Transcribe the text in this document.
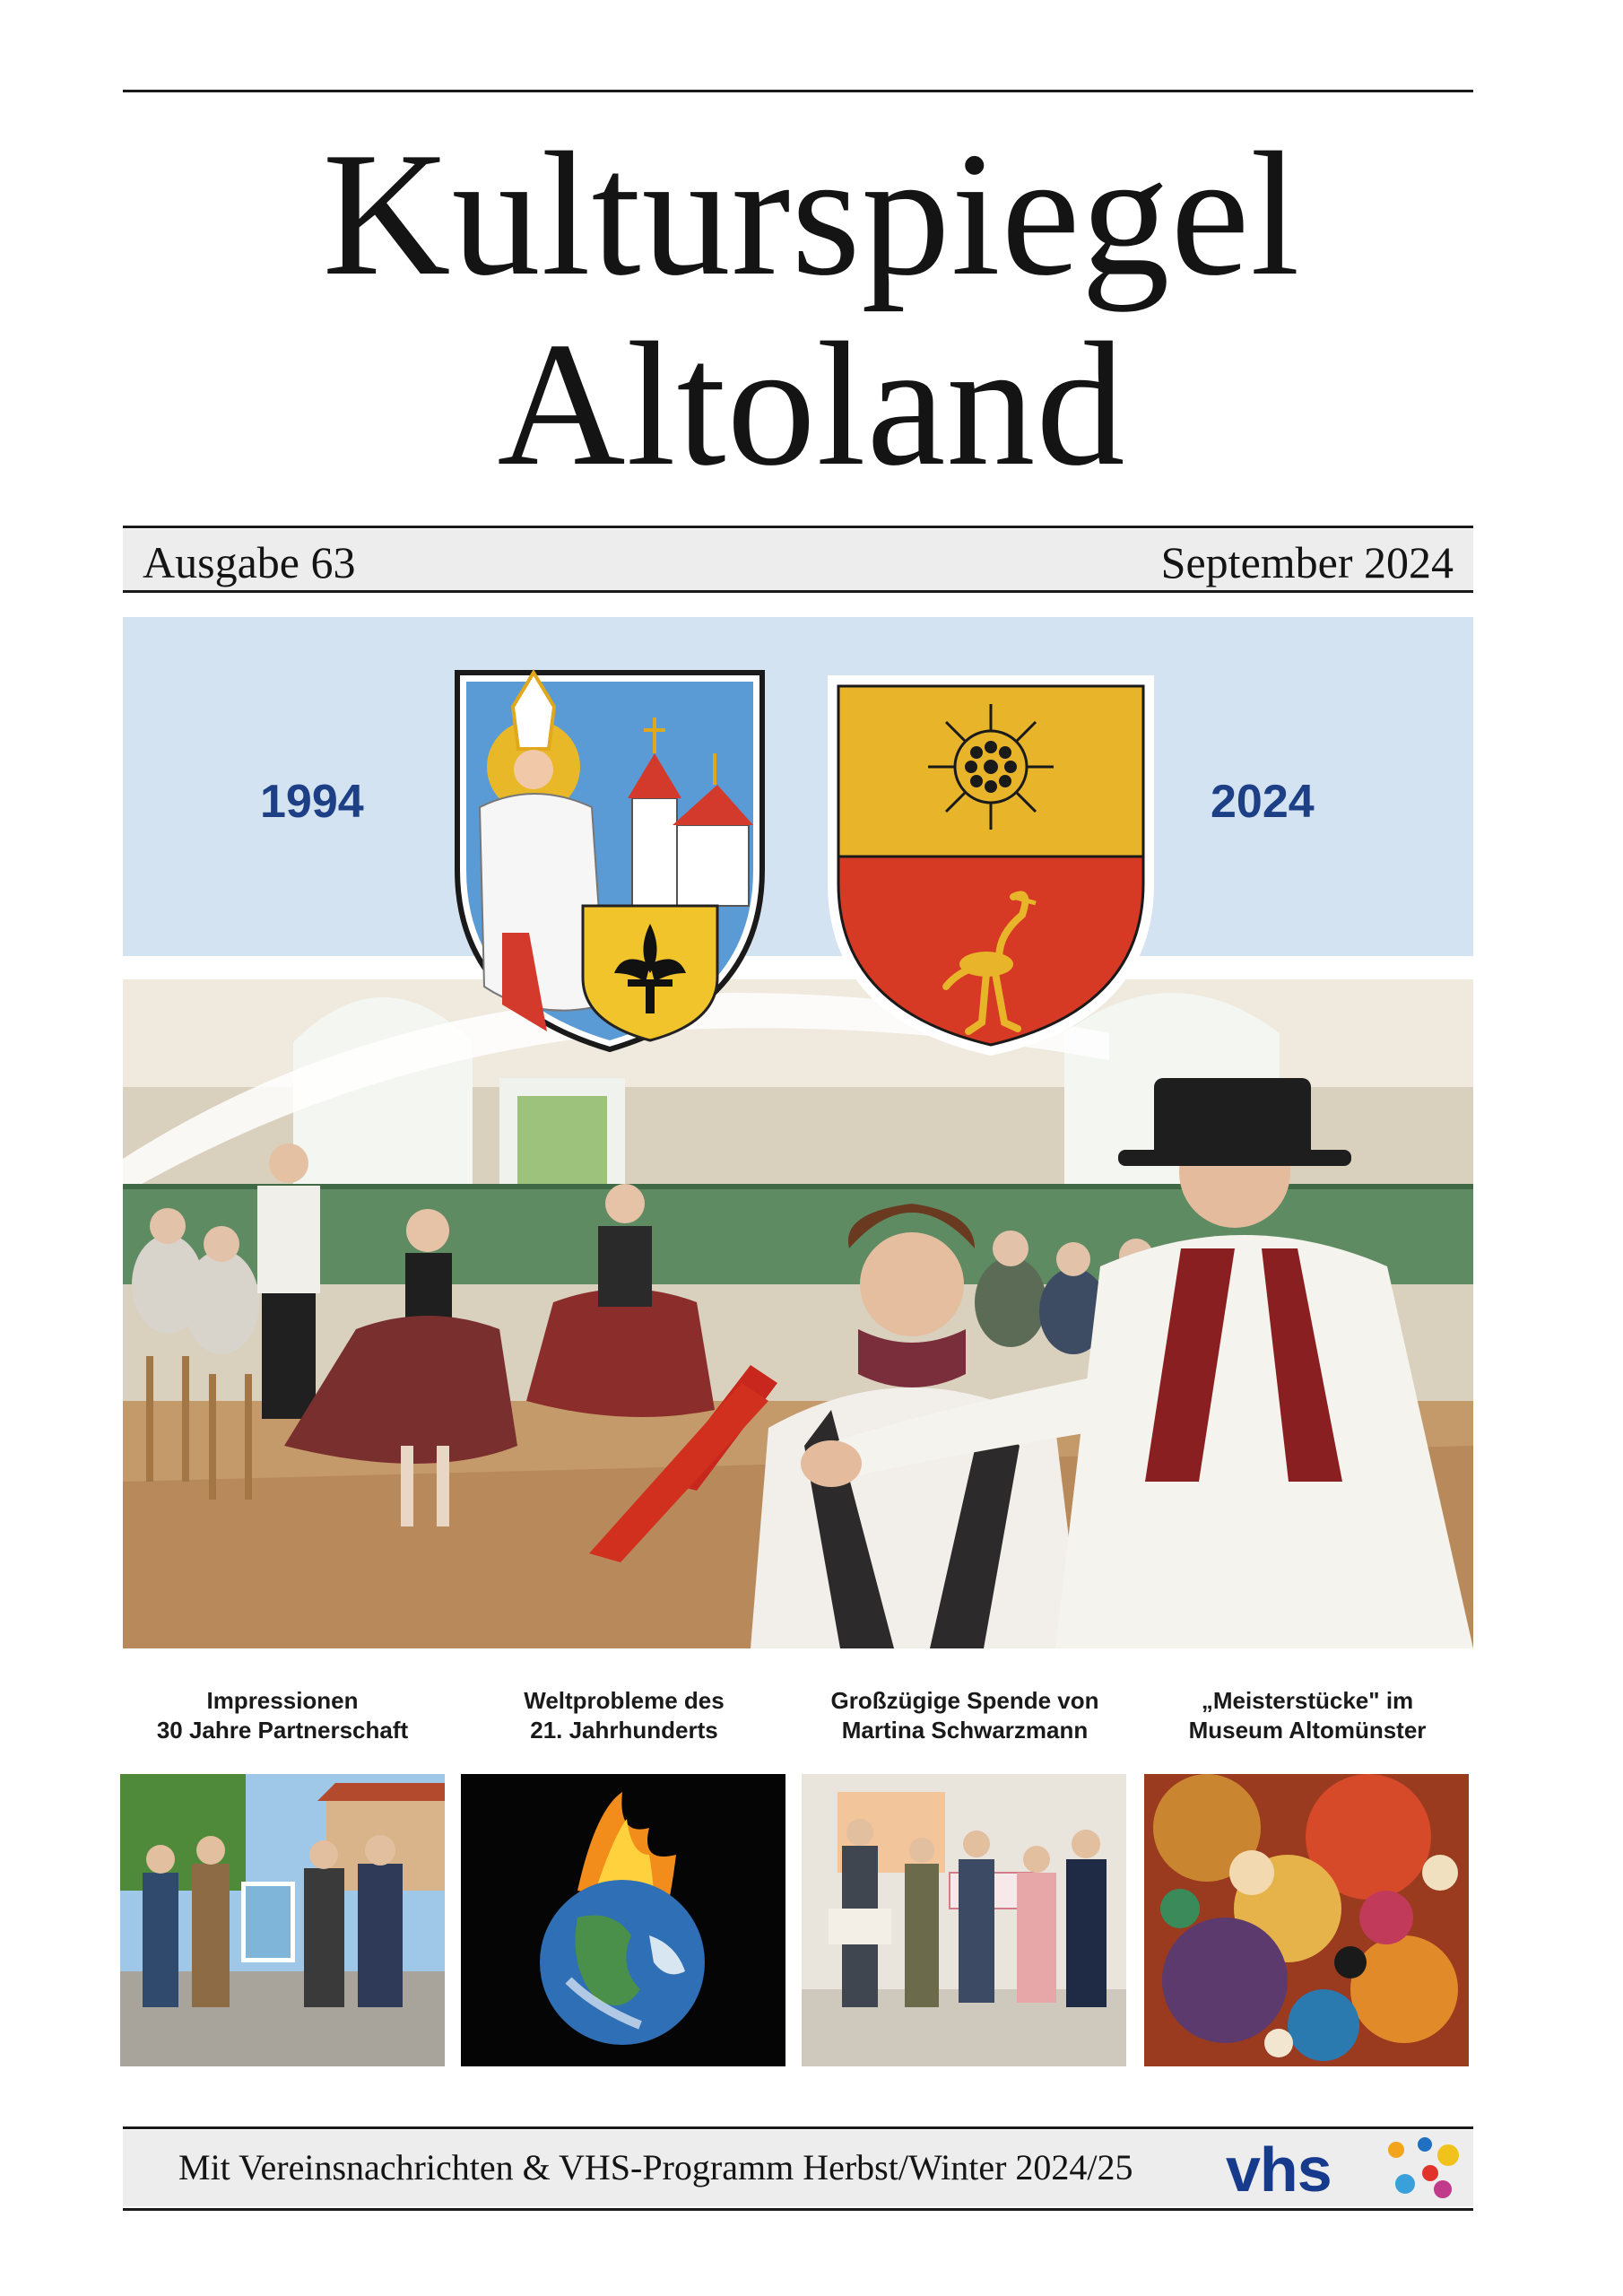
Kulturspiegel
Altoland
Ausgabe 63	September 2024
1994	2024
Impressionen
30 Jahre Partnerschaft
Weltprobleme des
21. Jahrhunderts
Großzügige Spende von
Martina Schwarzmann
„Meisterstücke" im
Museum Altomünster
Mit Vereinsnachrichten & VHS-Programm Herbst/Winter 2024/25 vhs
